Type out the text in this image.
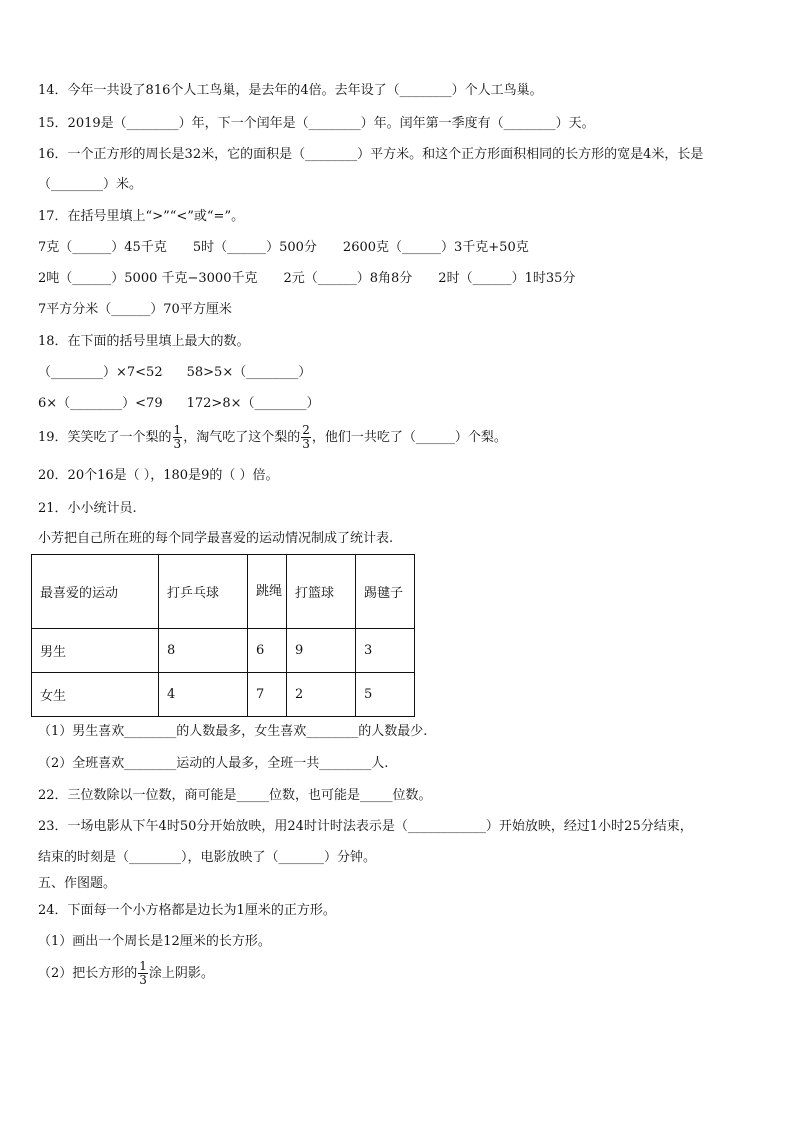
14．今年一共设了816个人工鸟巢，是去年的4倍。去年设了（________）个人工鸟巢。
15．2019是（________）年，下一个闰年是（________）年。闰年第一季度有（________）天。
16．一个正方形的周长是32米，它的面积是（________）平方米。和这个正方形面积相同的长方形的宽是4米，长是
（________）米。
17．在括号里填上“>”“<”或“=”。
7克（______）45千克 5时（______）500分 2600克（______）3千克+50克
2吨（______）5000 千克−3000千克 2元（______）8角8分 2时（______）1时35分
7平方分米（______）70平方厘米
18．在下面的括号里填上最大的数。
（________）×7<52 58>5×（________）
6×（________）<79 172>8×（________）
19．笑笑吃了一个梨的 $\frac{1}{3}$ ，淘气吃了这个梨的 $\frac{2}{3}$ ，他们一共吃了（______）个梨。
20．20个16是（ ），180是9的（ ）倍。
21．小小统计员.
小芳把自己所在班的每个同学最喜爱的运动情况制成了统计表.
最喜爱的运动	打乒乓球	跳绳	打篮球	踢毽子
男生	8	6	9	3
女生	4	7	2	5
（1）男生喜欢________的人数最多，女生喜欢________的人数最少.
（2）全班喜欢________运动的人最多，全班一共________人.
22．三位数除以一位数，商可能是_____位数，也可能是_____位数。
23．一场电影从下午4时50分开始放映，用24时计时法表示是（____________）开始放映，经过1小时25分结束，
结束的时刻是（________），电影放映了（_______）分钟。
五、作图题。
24．下面每一个小方格都是边长为1厘米的正方形。
（1）画出一个周长是12厘米的长方形。
（2）把长方形的 $\frac{1}{3}$ 涂上阴影。
